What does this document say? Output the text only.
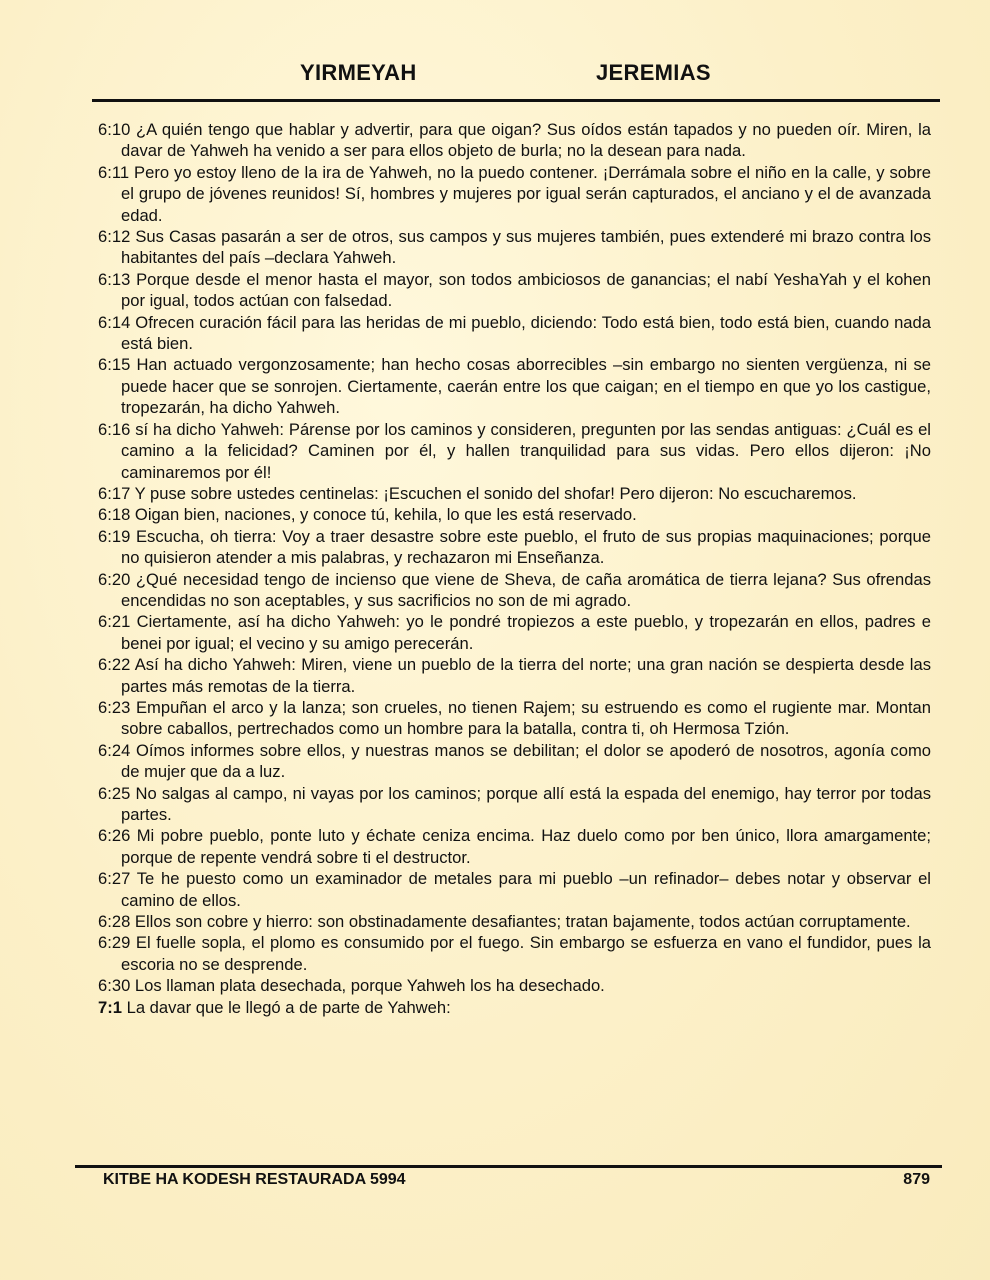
YIRMEYAH	JEREMIAS

6:10 ¿A quién tengo que hablar y advertir, para que oigan? Sus oídos están tapados y no pueden oír. Miren, la davar de Yahweh ha venido a ser para ellos objeto de burla; no la desean para nada.

6:11 Pero yo estoy lleno de la ira de Yahweh, no la puedo contener. ¡Derrámala sobre el niño en la calle, y sobre el grupo de jóvenes reunidos! Sí, hombres y mujeres por igual serán capturados, el anciano y el de avanzada edad.

6:12 Sus Casas pasarán a ser de otros, sus campos y sus mujeres también, pues extenderé mi brazo contra los habitantes del país –declara Yahweh.

6:13 Porque desde el menor hasta el mayor, son todos ambiciosos de ganancias; el nabí YeshaYah y el kohen por igual, todos actúan con falsedad.

6:14 Ofrecen curación fácil para las heridas de mi pueblo, diciendo: Todo está bien, todo está bien, cuando nada está bien.

6:15 Han actuado vergonzosamente; han hecho cosas aborrecibles –sin embargo no sienten vergüenza, ni se puede hacer que se sonrojen. Ciertamente, caerán entre los que caigan; en el tiempo en que yo los castigue, tropezarán, ha dicho Yahweh.

6:16 sí ha dicho Yahweh: Párense por los caminos y consideren, pregunten por las sendas antiguas: ¿Cuál es el camino a la felicidad? Caminen por él, y hallen tranquilidad para sus vidas. Pero ellos dijeron: ¡No caminaremos por él!

6:17 Y puse sobre ustedes centinelas: ¡Escuchen el sonido del shofar! Pero dijeron: No escucharemos.

6:18 Oigan bien, naciones, y conoce tú, kehila, lo que les está reservado.

6:19 Escucha, oh tierra: Voy a traer desastre sobre este pueblo, el fruto de sus propias maquinaciones; porque no quisieron atender a mis palabras, y rechazaron mi Enseñanza.

6:20 ¿Qué necesidad tengo de incienso que viene de Sheva, de caña aromática de tierra lejana? Sus ofrendas encendidas no son aceptables, y sus sacrificios no son de mi agrado.

6:21 Ciertamente, así ha dicho Yahweh: yo le pondré tropiezos a este pueblo, y tropezarán en ellos, padres e benei por igual; el vecino y su amigo perecerán.

6:22 Así ha dicho Yahweh: Miren, viene un pueblo de la tierra del norte; una gran nación se despierta desde las partes más remotas de la tierra.

6:23 Empuñan el arco y la lanza; son crueles, no tienen Rajem; su estruendo es como el rugiente mar. Montan sobre caballos, pertrechados como un hombre para la batalla, contra ti, oh Hermosa Tzión.

6:24 Oímos informes sobre ellos, y nuestras manos se debilitan; el dolor se apoderó de nosotros, agonía como de mujer que da a luz.

6:25 No salgas al campo, ni vayas por los caminos; porque allí está la espada del enemigo, hay terror por todas partes.

6:26 Mi pobre pueblo, ponte luto y échate ceniza encima. Haz duelo como por ben único, llora amargamente; porque de repente vendrá sobre ti el destructor.

6:27 Te he puesto como un examinador de metales para mi pueblo –un refinador– debes notar y observar el camino de ellos.

6:28 Ellos son cobre y hierro: son obstinadamente desafiantes; tratan bajamente, todos actúan corruptamente.

6:29 El fuelle sopla, el plomo es consumido por el fuego. Sin embargo se esfuerza en vano el fundidor, pues la escoria no se desprende.

6:30 Los llaman plata desechada, porque Yahweh los ha desechado.

7:1 La davar que le llegó a de parte de Yahweh:

KITBE HA KODESH RESTAURADA 5994	879
